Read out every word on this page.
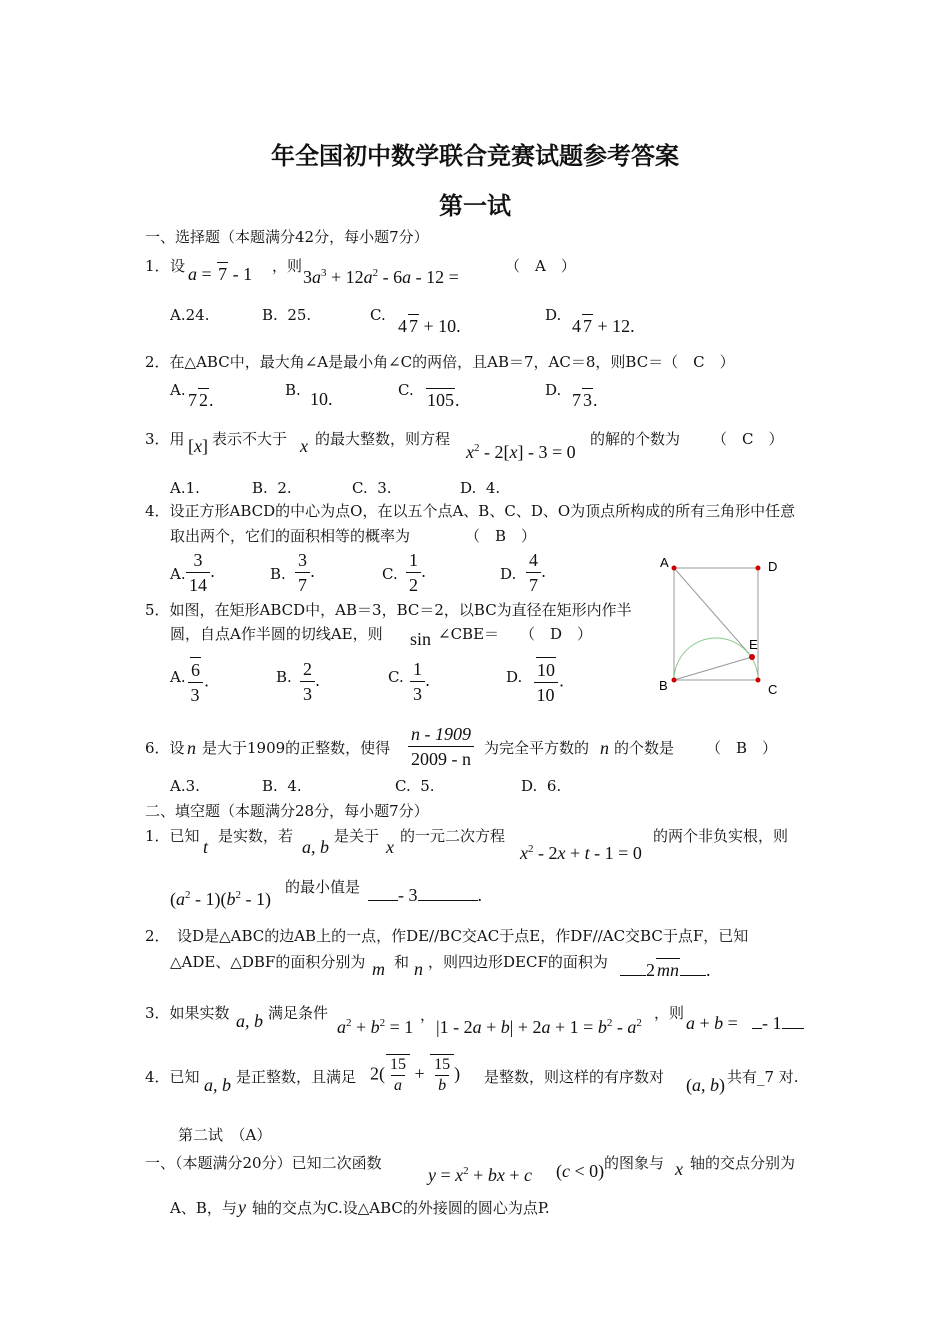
年全国初中数学联合竞赛试题参考答案
第一试
一、选择题（本题满分42分，每小题7分）
1． 设 a = 7 - 1 ，则
$3a^3 + 12a^2 - 6a - 12$ =
（　A　）
A.24.	B. 25.	C.
4 7 + 10.
D.
4 7 + 12.
2．在△ABC中，最大角∠A是最小角∠C的两倍，且AB＝7，AC＝8，则BC＝（　C　）
A. 7 2.	B. 10.	C. 105.	D. 7 3.
3．用 [x] 表示不大于 x 的最大整数，则方程
$x^2 - 2[x] - 3 = 0$
的解的个数为 （　C　）
A.1.	B. 2.	C. 3.	D. 4.
4．设正方形ABCD的中心为点O，在以五个点A、B、C、D、O为顶点所构成的所有三角形中任意
取出两个，它们的面积相等的概率为	（　B　）
A. $\frac{3}{14}$ .	B. $\frac{3}{7}$ .	C. $\frac{1}{2}$ .	D. $\frac{4}{7}$ .
5．如图，在矩形ABCD中，AB＝3，BC＝2，以BC为直径在矩形内作半
圆，自点A作半圆的切线AE，则 sin ∠CBE＝ （　D　）
A. $\frac{6}{3}$ .	B. $\frac{2}{3}$ .	C. $\frac{1}{3}$ .	D. $\frac{10}{10}$ .
A	D
B	C
E
6．设 n 是大于1909的正整数，使得 $\frac{n - 1909}{2009 - n}$ 为完全平方数的 n 的个数是 （　B　）
A.3.	B. 4.	C. 5.	D. 6.
二、填空题（本题满分28分，每小题7分）
1．已知
t
是实数，若
a, b
是关于
x
的一元二次方程
$x^2 - 2x + t - 1 = 0$
的两个非负实根，则
$(a^2 - 1)(b^2 - 1)$
的最小值是	- 3	.
2．　设D是△ABC的边AB上的一点，作DE//BC交AC于点E，作DF//AC交BC于点F，已知
△ADE、△DBF的面积分别为 m 和 n ，则四边形DECF的面积为	2 mn .
3．如果实数 a, b 满足条件
$a^2 + b^2 = 1$
，
$|1 - 2a + b| + 2a + 1 = b^2 - a^2$
，则 a + b =	- 1
4．已知 a, b 是正整数，且满足 $2( \frac{15}{a} + \frac{15}{b}$ ) 是整数，则这样的有序数对 (a, b) 共有_7 对.
第二试　（A）
一、（本题满分20分）已知二次函数
$y = x^2$ + bx + c (c < 0) 的图象与 x 轴的交点分别为
A、B，与 y 轴的交点为C.设△ABC的外接圆的圆心为点P.
